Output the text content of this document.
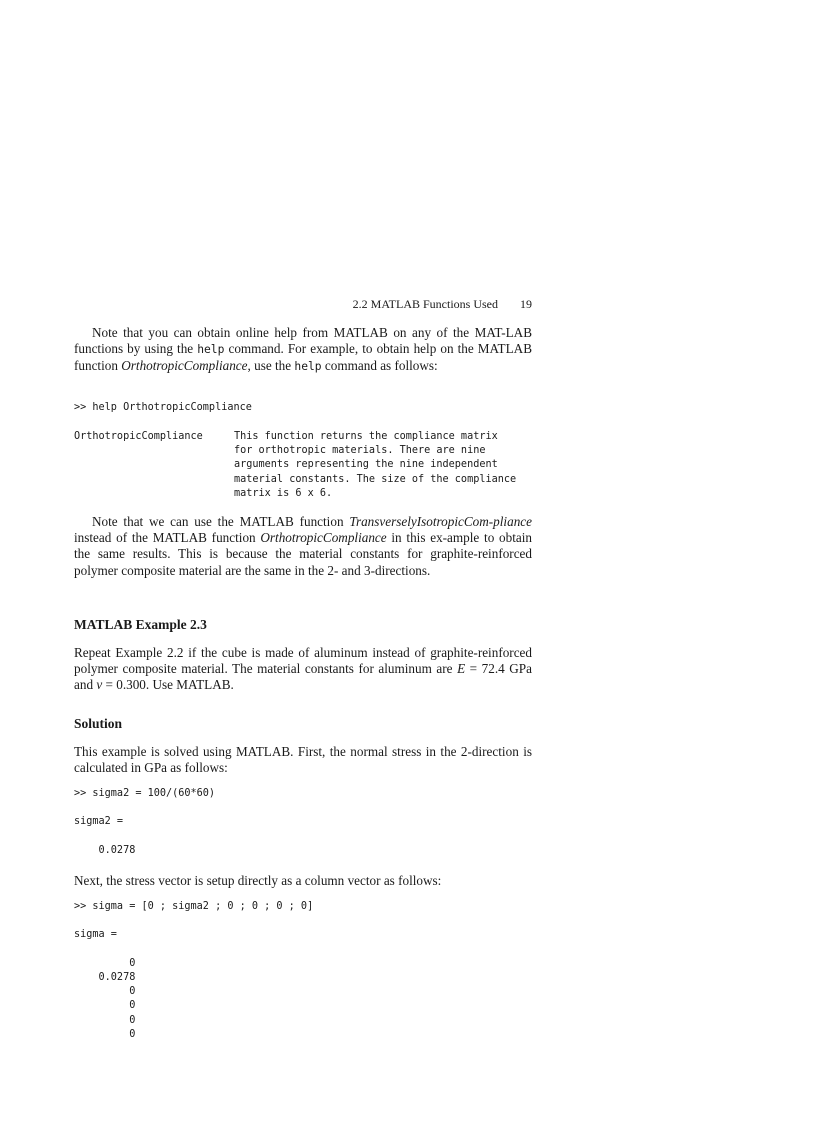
2.2 MATLAB Functions Used 19

Note that you can obtain online help from MATLAB on any of the MAT-LAB functions by using the help command. For example, to obtain help on the MATLAB function OrthotropicCompliance, use the help command as follows:

>> help OrthotropicCompliance
OrthotropicCompliance	This function returns the compliance matrix
for orthotropic materials. There are nine
arguments representing the nine independent
material constants. The size of the compliance
matrix is 6 x 6.

Note that we can use the MATLAB function TransverselyIsotropicCom-pliance instead of the MATLAB function OrthotropicCompliance in this ex-ample to obtain the same results. This is because the material constants for graphite-reinforced polymer composite material are the same in the 2- and 3-directions.

MATLAB Example 2.3

Repeat Example 2.2 if the cube is made of aluminum instead of graphite-reinforced polymer composite material. The material constants for aluminum are E = 72.4 GPa and ν = 0.300. Use MATLAB.

Solution

This example is solved using MATLAB. First, the normal stress in the 2-direction is calculated in GPa as follows:

>> sigma2 = 100/(60*60)

sigma2 =

0.0278

Next, the stress vector is setup directly as a column vector as follows:

>> sigma = [0 ; sigma2 ; 0 ; 0 ; 0 ; 0]

sigma =

0
0.0278
0
0
0
0
